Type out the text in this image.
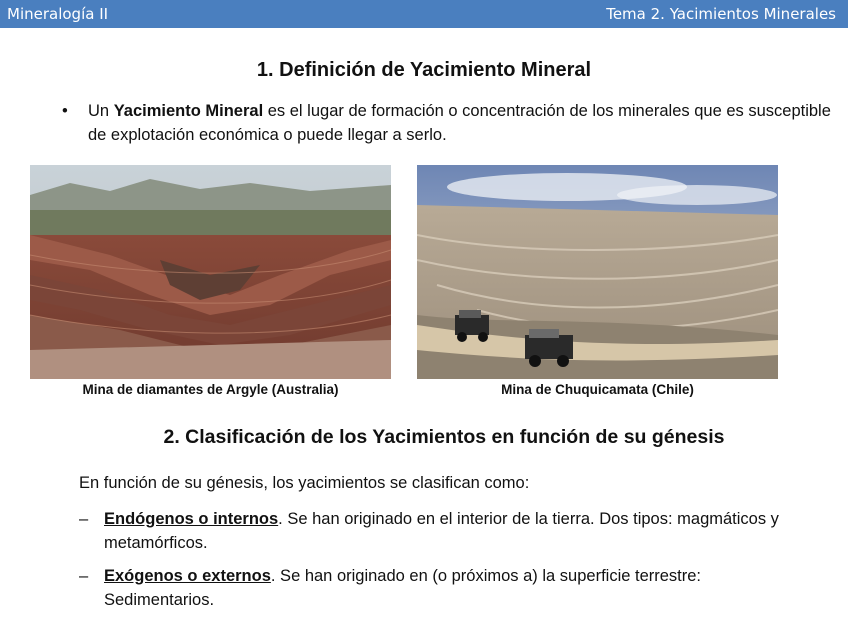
Mineralogía II	Tema 2. Yacimientos Minerales
1. Definición de Yacimiento Mineral
• Un Yacimiento Mineral es el lugar de formación o concentración de los minerales que es susceptible de explotación económica o puede llegar a serlo.
Mina de diamantes de Argyle (Australia)	Mina de Chuquicamata (Chile)
2. Clasificación de los Yacimientos en función de su génesis
En función de su génesis, los yacimientos se clasifican como:
– Endógenos o internos. Se han originado en el interior de la tierra. Dos tipos: magmáticos y metamórficos.
– Exógenos o externos. Se han originado en (o próximos a) la superficie terrestre: Sedimentarios.
